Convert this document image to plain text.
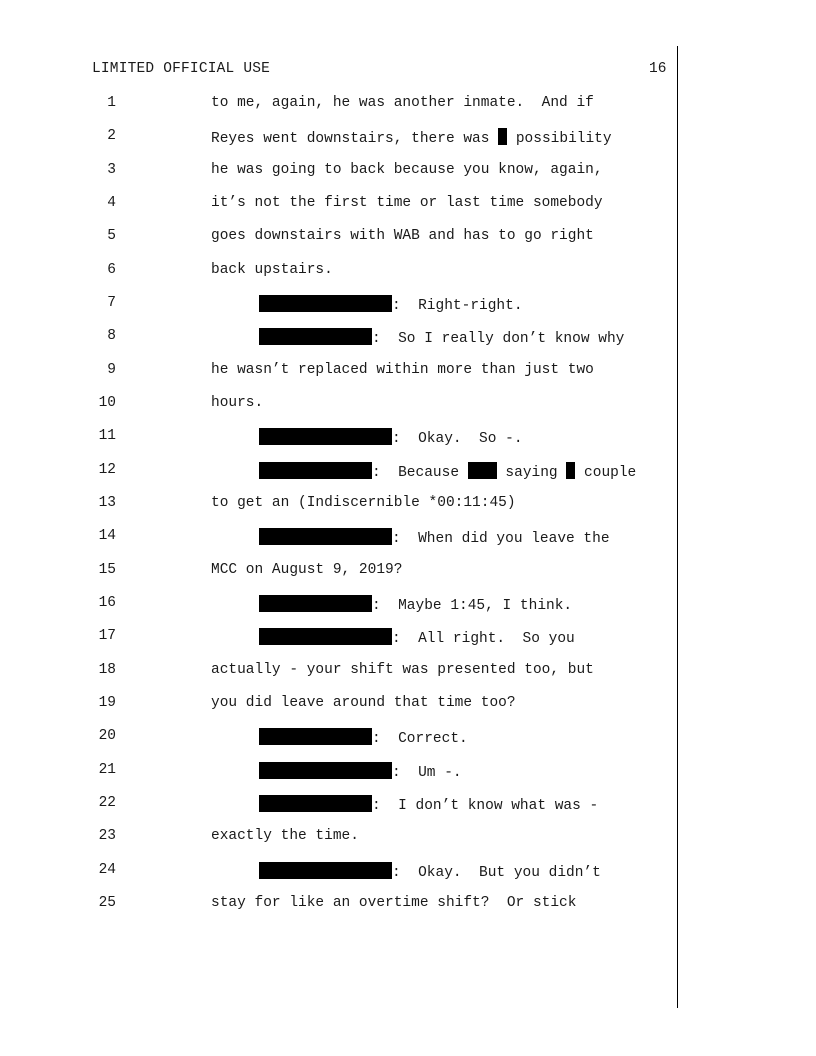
LIMITED OFFICIAL USE	16
1	to me, again, he was another inmate.  And if
2	Reyes went downstairs, there was  possibility
3	he was going to back because you know, again,
4	it’s not the first time or last time somebody
5	goes downstairs with WAB and has to go right
6	back upstairs.
7	:  Right-right.
8	:  So I really don’t know why
9	he wasn’t replaced within more than just two
10	hours.
11	:  Okay.  So -.
12	:  Because  saying  couple
13	to get an (Indiscernible *00:11:45)
14	:  When did you leave the
15	MCC on August 9, 2019?
16	:  Maybe 1:45, I think.
17	:  All right.  So you
18	actually - your shift was presented too, but
19	you did leave around that time too?
20	:  Correct.
21	:  Um -.
22	:  I don’t know what was -
23	exactly the time.
24	:  Okay.  But you didn’t
25	stay for like an overtime shift?  Or stick
